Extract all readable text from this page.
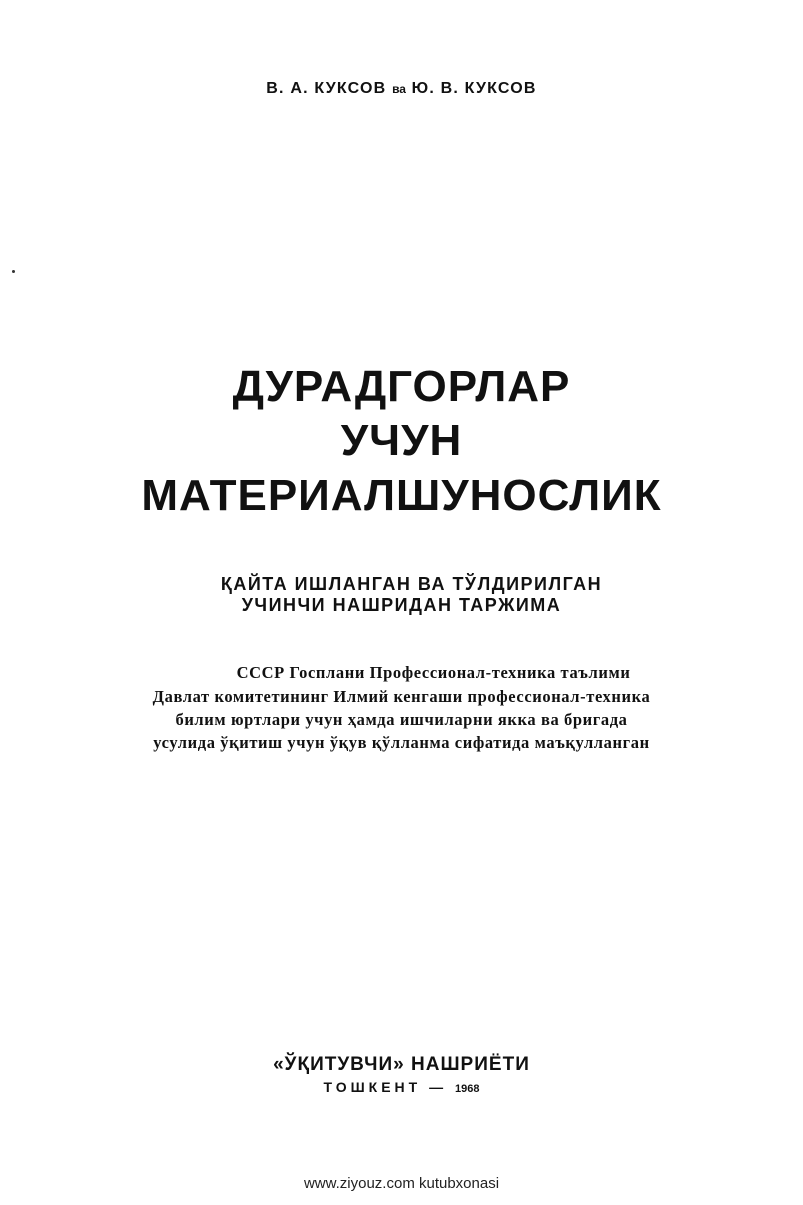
В. А. КУКСОВ ва Ю. В. КУКСОВ
ДУРАДГОРЛАР
УЧУН
МАТЕРИАЛШУНОСЛИК
ҚАЙТА ИШЛАНГАН ВА ТЎЛДИРИЛГАН
УЧИНЧИ НАШРИДАН ТАРЖИМА
СССР Госплани Профессионал-техника таълими
Давлат комитетининг Илмий кенгаши профессионал-техника
билим юртлари учун ҳамда ишчиларни якка ва бригада
усулида ўқитиш учун ўқув қўлланма сифатида маъқулланган
«ЎҚИТУВЧИ» НАШРИЁТИ
ТОШКЕНТ — 1968
www.ziyouz.com kutubxonasi
